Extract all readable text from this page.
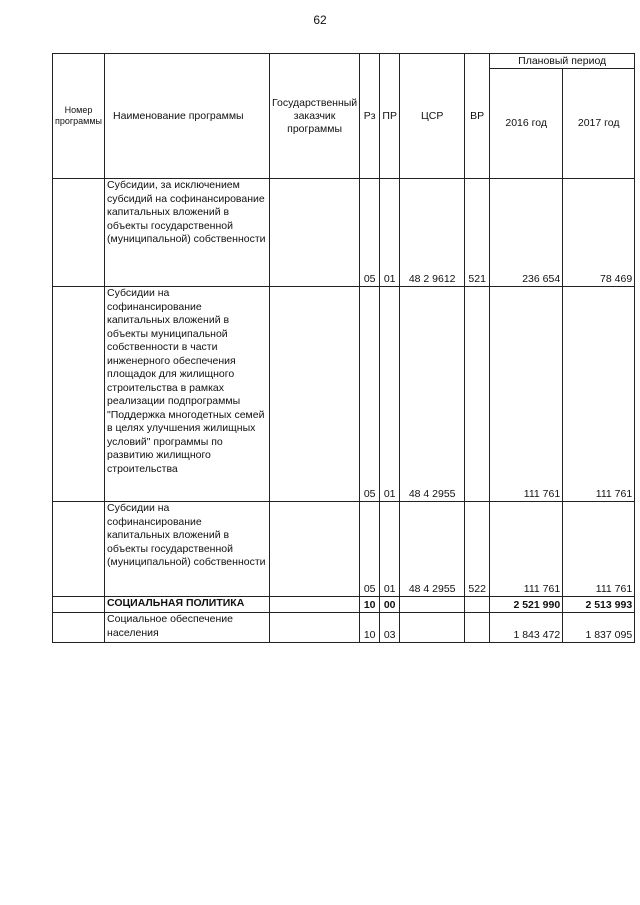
62
Номер программы	Наименование программы	Государственный заказчик программы	Рз	ПР	ЦСР	ВР	Плановый период	
							2016 год	2017 год
	Субсидии, за исключением субсидий на софинансирование капитальных вложений в объекты государственной (муниципальной) собственности		05	01	48 2 9612	521	236 654	78 469
	Субсидии на софинансирование капитальных вложений в объекты муниципальной собственности в части инженерного обеспечения площадок для жилищного строительства в рамках реализации подпрограммы "Поддержка многодетных семей в целях улучшения жилищных условий" программы по развитию жилищного строительства		05	01	48 4 2955		111 761	111 761
	Субсидии на софинансирование капитальных вложений в объекты государственной (муниципальной) собственности		05	01	48 4 2955	522	111 761	111 761
	СОЦИАЛЬНАЯ ПОЛИТИКА		10	00			2 521 990	2 513 993
	Социальное обеспечение населения		10	03			1 843 472	1 837 095
